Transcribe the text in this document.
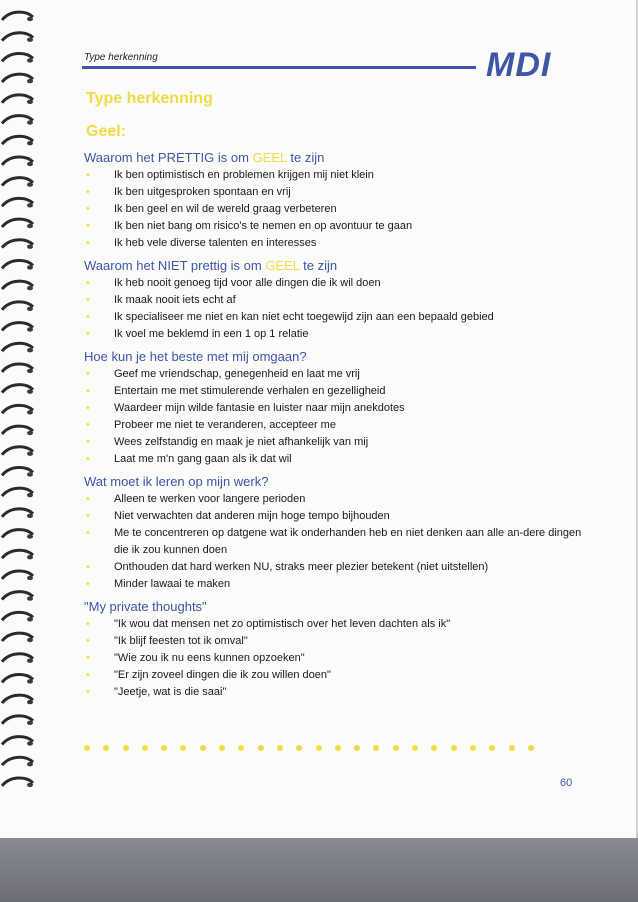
Type herkenning	MDI
Type herkenning
Geel:
Waarom het PRETTIG is om GEEL te zijn
• Ik ben optimistisch en problemen krijgen mij niet klein
• Ik ben uitgesproken spontaan en vrij
• Ik ben geel en wil de wereld graag verbeteren
• Ik ben niet bang om risico's te nemen en op avontuur te gaan
• Ik heb vele diverse talenten en interesses
Waarom het NIET prettig is om GEEL te zijn
• Ik heb nooit genoeg tijd voor alle dingen die ik wil doen
• Ik maak nooit iets echt af
• Ik specialiseer me niet en kan niet echt toegewijd zijn aan een bepaald gebied
• Ik voel me beklemd in een 1 op 1 relatie
Hoe kun je het beste met mij omgaan?
• Geef me vriendschap, genegenheid en laat me vrij
• Entertain me met stimulerende verhalen en gezelligheid
• Waardeer mijn wilde fantasie en luister naar mijn anekdotes
• Probeer me niet te veranderen, accepteer me
• Wees zelfstandig en maak je niet afhankelijk van mij
• Laat me m'n gang gaan als ik dat wil
Wat moet ik leren op mijn werk?
• Alleen te werken voor langere perioden
• Niet verwachten dat anderen mijn hoge tempo bijhouden
• Me te concentreren op datgene wat ik onderhanden heb en niet denken aan alle an-dere dingen die ik zou kunnen doen
• Onthouden dat hard werken NU, straks meer plezier betekent (niet uitstellen)
• Minder lawaai te maken
"My private thoughts"
• "Ik wou dat mensen net zo optimistisch over het leven dachten als ik"
• "Ik blijf feesten tot ik omval"
• "Wie zou ik nu eens kunnen opzoeken"
• "Er zijn zoveel dingen die ik zou willen doen"
• "Jeetje, wat is die saai"
60
